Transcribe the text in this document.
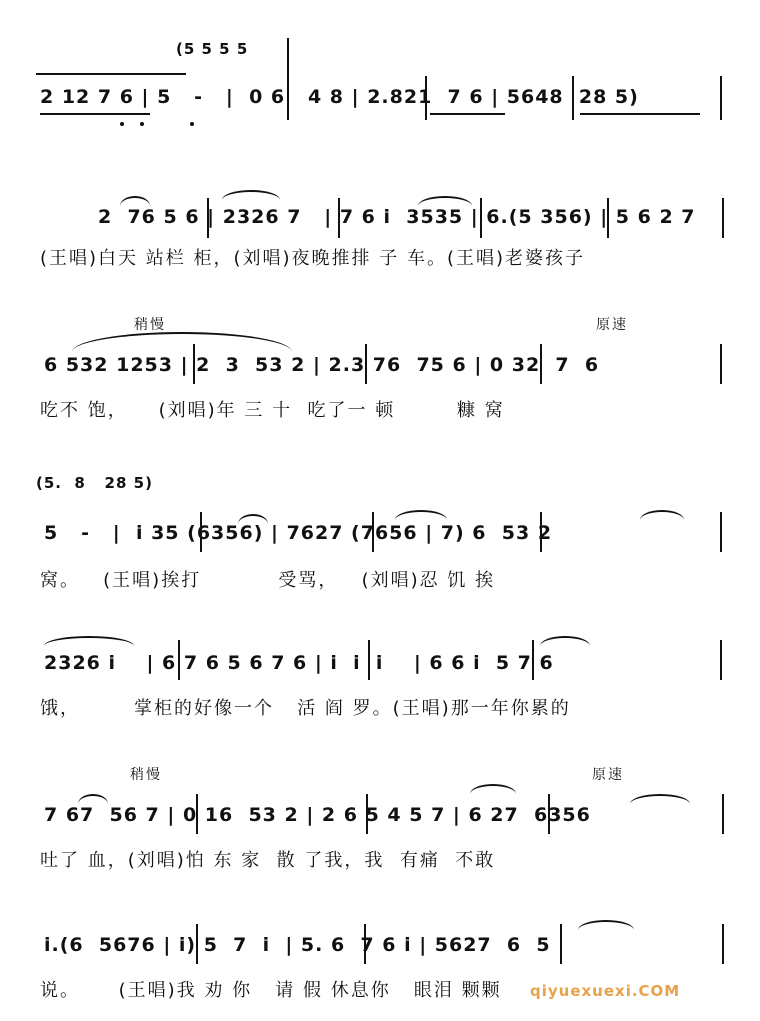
(5 5 5 5
2 12 7 6 | 5   -   |  0 6   4 8 | 2.821  7 6 | 5648  28 5)
2  76 5 6 | 2326 7   | 7 6 i  3535 | 6.(5 356) | 5 6 2 7
(王唱)白天 站栏 柜，(刘唱)夜晚推排 子 车。(王唱)老婆孩子
稍慢	原速
6 532 1253 | 2  3  53 2 | 2.3 76  75 6 | 0 32  7  6
吃不 饱，    (刘唱)年 三 十  吃了一 顿        糠 窝
(5.  8   28 5)
5   -   |  i 35 (6356) | 7627 (7656 | 7) 6  53 2
窝。   (王唱)挨打          受骂，   (刘唱)忍 饥 挨
2326 i    | 6 7 6 5 6 7 6 | i  i  i    | 6 6 i  5 7 6
饿，       掌柜的好像一个   活 阎 罗。(王唱)那一年你累的
稍慢	原速
7 67  56 7 | 0 16  53 2 | 2 6 5 4 5 7 | 6 27  6356
吐了 血，(刘唱)怕 东 家  散 了我，我  有痛  不敢
i.(6  5676 | i) 5  7  i  | 5. 6  7 6 i | 5627  6  5
说。     (王唱)我 劝 你   请 假 休息你   眼泪 颗颗 qiyuexuexi.COM
